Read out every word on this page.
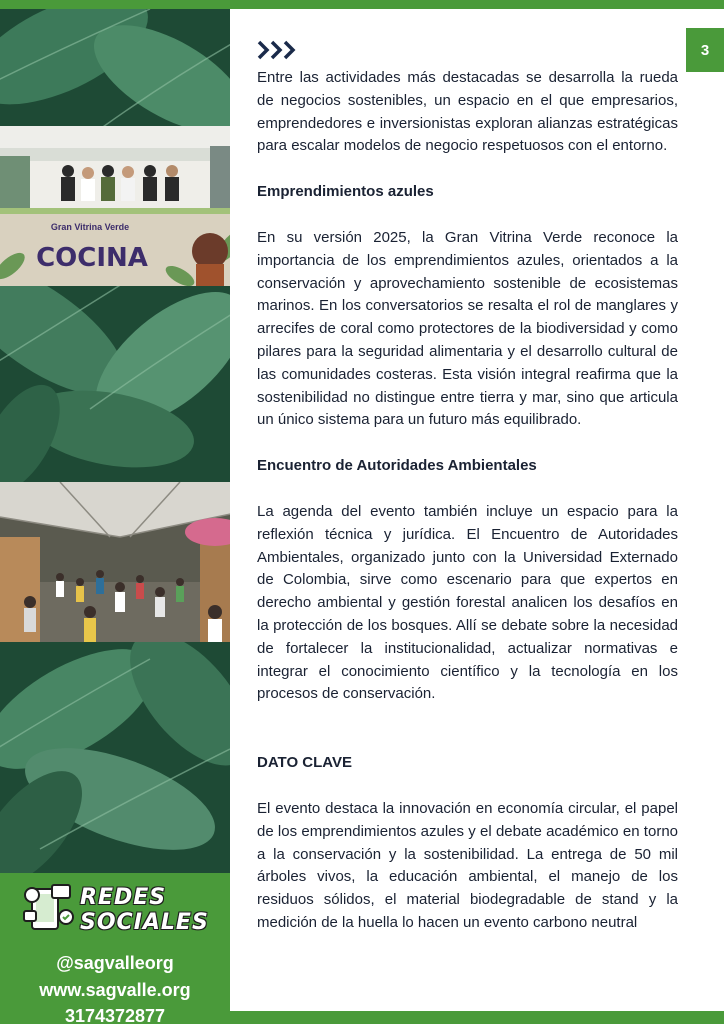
Gran Vitrina Verde
COCINA
REDES
SOCIALES
@sagvalleorg
www.sagvalle.org
3174372877
3

Entre las actividades más destacadas se desarrolla la rueda de negocios sostenibles, un espacio en el que empresarios, emprendedores e inversionistas exploran alianzas estratégicas para escalar modelos de negocio respetuosos con el entorno.

Emprendimientos azules

En su versión 2025, la Gran Vitrina Verde reconoce la importancia de los emprendimientos azules, orientados a la conservación y aprovechamiento sostenible de ecosistemas marinos. En los conversatorios se resalta el rol de manglares y arrecifes de coral como protectores de la biodiversidad y como pilares para la seguridad alimentaria y el desarrollo cultural de las comunidades costeras. Esta visión integral reafirma que la sostenibilidad no distingue entre tierra y mar, sino que articula un único sistema para un futuro más equilibrado.

Encuentro de Autoridades Ambientales

La agenda del evento también incluye un espacio para la reflexión técnica y jurídica. El Encuentro de Autoridades Ambientales, organizado junto con la Universidad Externado de Colombia, sirve como escenario para que expertos en derecho ambiental y gestión forestal analicen los desafíos en la protección de los bosques. Allí se debate sobre la necesidad de fortalecer la institucionalidad, actualizar normativas e integrar el conocimiento científico y la tecnología en los procesos de conservación.

DATO CLAVE

El evento destaca la innovación en economía circular, el papel de los emprendimientos azules y el debate académico en torno a la conservación y la sostenibilidad. La entrega de 50 mil árboles vivos, la educación ambiental, el manejo de los residuos sólidos, el material biodegradable de stand y la medición de la huella lo hacen un evento carbono neutral
